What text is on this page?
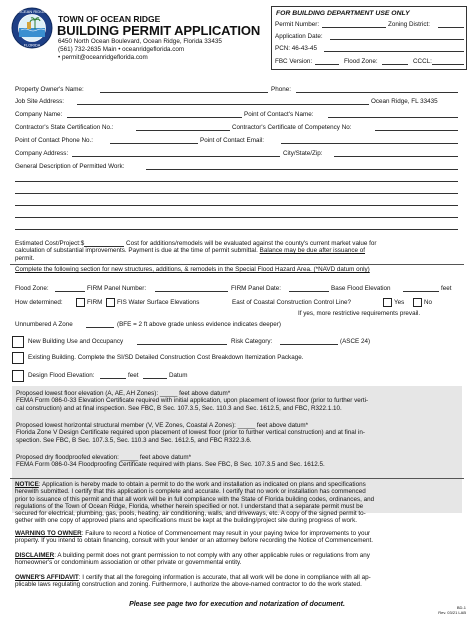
OCEAN RIDGE
FLORIDA
TOWN OF OCEAN RIDGE
BUILDING PERMIT APPLICATION
6450 North Ocean Boulevard, Ocean Ridge, Florida 33435
(561) 732-2635 Main • oceanridgeflorida.com
• permit@oceanridgeflorida.com
FOR BUILDING DEPARTMENT USE ONLY
Permit Number:	Zoning District:
Application Date:
PCN: 46-43-45
FBC Version:	Flood Zone:	CCCL:
Property Owner's Name:	Phone:
Job Site Address:	Ocean Ridge, FL 33435
Company Name:	Point of Contact's Name:
Contractor's State Certification No.:	Contractor's Certificate of Competency No:
Point of Contact Phone No.:	Point of Contact Email:
Company Address:	City/State/Zip:
General Description of Permitted Work:
Estimated Cost/Project:$	Cost for additions/remodels will be evaluated against the county's current market value for
calculation of substantial improvements. Payment is due at the time of permit submittal. Balance may be due after issuance of
permit.
Complete the following section for new structures, additions, & remodels in the Special Flood Hazard Area. (*NAVD datum only)
Flood Zone:	FIRM Panel Number:	FIRM Panel Date:	Base Flood Elevation	feet
How determined:	FIRM FIS Water Surface Elevations	East of Coastal Construction Control Line?	Yes	No
If yes, more restrictive requirements prevail.
Unnumbered A Zone	(BFE = 2 ft above grade unless evidence indicates deeper)
New Building Use and Occupancy	Risk Category:	(ASCE 24)
Existing Building. Complete the SI/SD Detailed Construction Cost Breakdown Itemization Package.
Design Flood Elevation:	feet	Datum
Proposed lowest floor elevation (A, AE, AH Zones): _____ feet above datum*
FEMA Form 086-0-33 Elevation Certificate required with initial application, upon placement of lowest floor (prior to further verti-
cal construction) and at final inspection. See FBC, B Sec. 107.3.5, Sec. 110.3 and Sec. 1612.5, and FBC, R322.1.10.
Proposed lowest horizontal structural member (V, VE Zones, Coastal A Zones): _____ feet above datum*
Florida Zone V Design Certificate required upon placement of lowest floor (prior to further vertical construction) and at final in-
spection. See FBC, B Sec. 107.3.5, Sec. 110.3 and Sec. 1612.5, and FBC R322.3.6.
Proposed dry floodproofed elevation: _____ feet above datum*
FEMA Form 086-0-34 Floodproofing Certificate required with plans. See FBC, B Sec. 107.3.5 and Sec. 1612.5.
NOTICE: Application is hereby made to obtain a permit to do the work and installation as indicated on plans and specifications
herewith submitted. I certify that this application is complete and accurate. I certify that no work or installation has commenced
prior to issuance of this permit and that all work will be in full compliance with the State of Florida building codes, ordinances, and
regulations of the Town of Ocean Ridge, Florida, whether herein specified or not. I understand that a separate permit must be
secured for electrical, plumbing, gas, pools, heating, air conditioning, walls, and driveways, etc. A copy of the signed permit to-
gether with one copy of approved plans and specifications must be kept at the building/project site during progress of work.
WARNING TO OWNER: Failure to record a Notice of Commencement may result in your paying twice for improvements to your
property. If you intend to obtain financing, consult with your lender or an attorney before recording the Notice of Commencement.
DISCLAIMER: A building permit does not grant permission to not comply with any other applicable rules or regulations from any
homeowner's or condominium association or other private or governmental entity.
OWNER'S AFFIDAVIT: I certify that all the foregoing information is accurate, that all work will be done in compliance with all ap-
plicable laws regulating construction and zoning. Furthermore, I authorize the above-named contractor to do the work stated.
Please see page two for execution and notarization of document.	BD-1
Rev. 03/21 LAB
